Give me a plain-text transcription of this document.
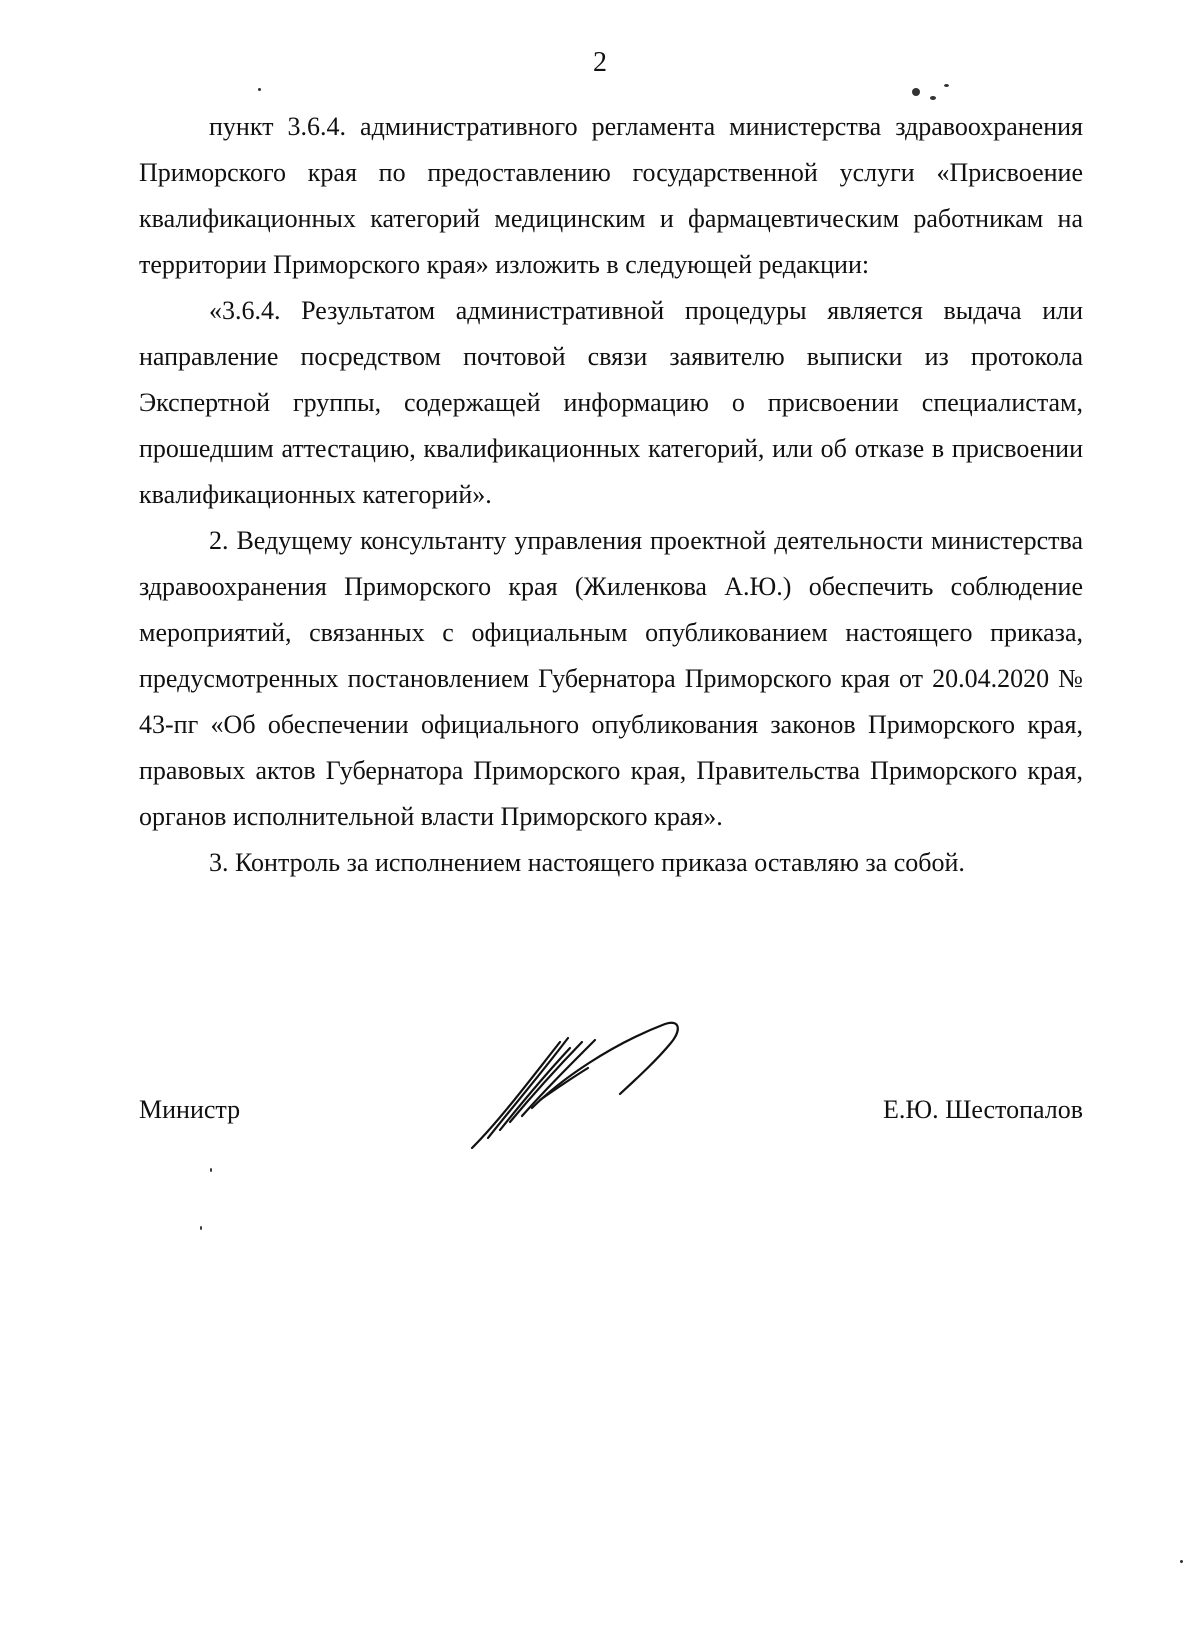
2

пункт 3.6.4. административного регламента министерства здравоохранения Приморского края по предоставлению государственной услуги «Присвоение квалификационных категорий медицинским и фармацевтическим работникам на территории Приморского края» изложить в следующей редакции:

«3.6.4. Результатом административной процедуры является выдача или направление посредством почтовой связи заявителю выписки из протокола Экспертной группы, содержащей информацию о присвоении специалистам, прошедшим аттестацию, квалификационных категорий, или об отказе в присвоении квалификационных категорий».

2. Ведущему консультанту управления проектной деятельности министерства здравоохранения Приморского края (Жиленкова А.Ю.) обеспечить соблюдение мероприятий, связанных с официальным опубликованием настоящего приказа, предусмотренных постановлением Губернатора Приморского края от 20.04.2020 № 43-пг «Об обеспечении официального опубликования законов Приморского края, правовых актов Губернатора Приморского края, Правительства Приморского края, органов исполнительной власти Приморского края».

3. Контроль за исполнением настоящего приказа оставляю за собой.

Министр	Е.Ю. Шестопалов
